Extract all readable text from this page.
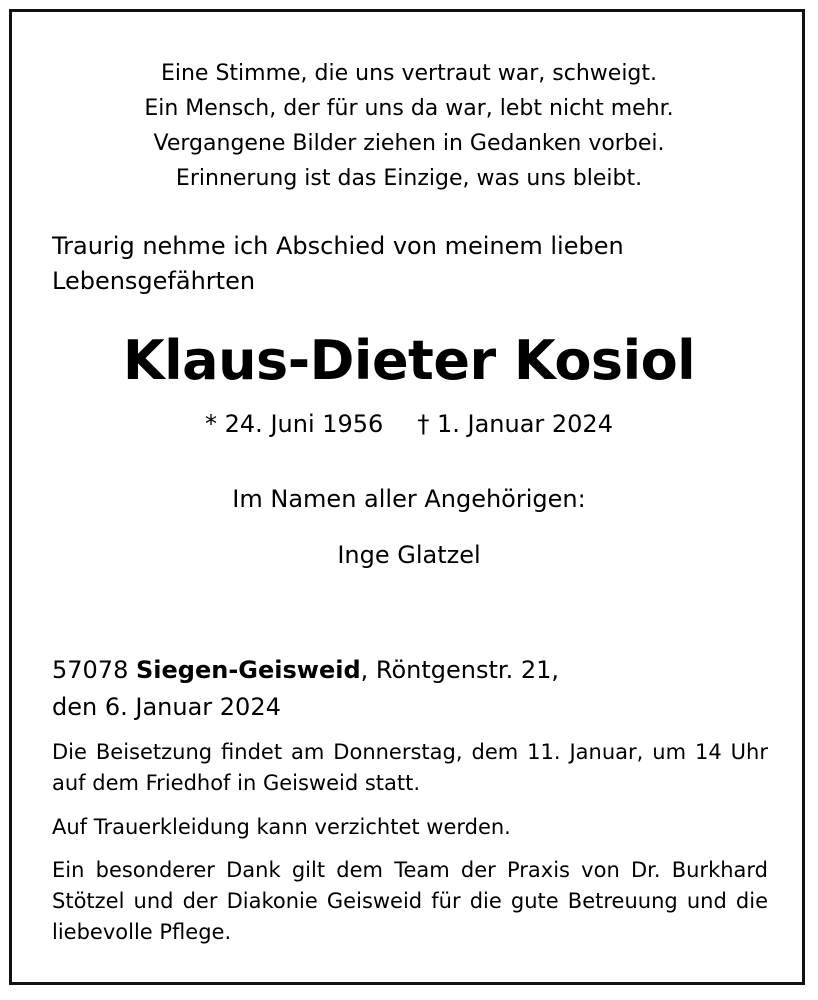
Eine Stimme, die uns vertraut war, schweigt.
Ein Mensch, der für uns da war, lebt nicht mehr.
Vergangene Bilder ziehen in Gedanken vorbei.
Erinnerung ist das Einzige, was uns bleibt.
Traurig nehme ich Abschied von meinem lieben Lebensgefährten
Klaus-Dieter Kosiol
* 24. Juni 1956 † 1. Januar 2024
Im Namen aller Angehörigen:
Inge Glatzel
57078 Siegen-Geisweid, Röntgenstr. 21,
den 6. Januar 2024
Die Beisetzung findet am Donnerstag, dem 11. Januar, um 14 Uhr auf dem Friedhof in Geisweid statt.
Auf Trauerkleidung kann verzichtet werden.
Ein besonderer Dank gilt dem Team der Praxis von Dr. Burkhard Stötzel und der Diakonie Geisweid für die gute Betreuung und die liebevolle Pflege.
